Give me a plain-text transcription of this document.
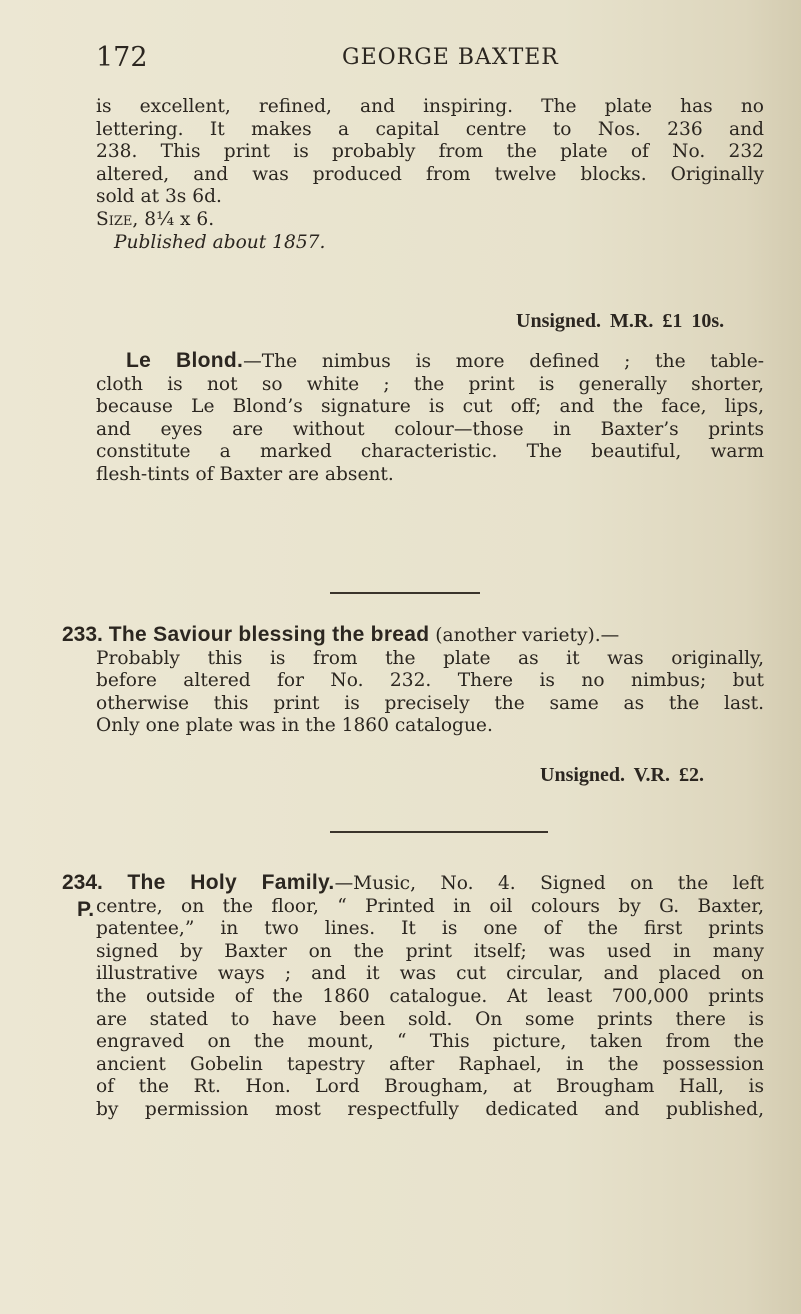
172	GEORGE BAXTER
is excellent, refined, and inspiring. The plate has no
lettering. It makes a capital centre to Nos. 236 and
238. This print is probably from the plate of No. 232
altered, and was produced from twelve blocks. Originally
sold at 3s 6d.
Size, 8¼ x 6.
Published about 1857.
Unsigned. M.R. £1 10s.
Le Blond.—The nimbus is more defined ; the table-
cloth is not so white ; the print is generally shorter,
because Le Blond’s signature is cut off; and the face, lips,
and eyes are without colour—those in Baxter’s prints
constitute a marked characteristic. The beautiful, warm
flesh-tints of Baxter are absent.
233. The Saviour blessing the bread (another variety).—
Probably this is from the plate as it was originally,
before altered for No. 232. There is no nimbus; but
otherwise this print is precisely the same as the last.
Only one plate was in the 1860 catalogue.
Unsigned. V.R. £2.
P.
234. The Holy Family.—Music, No. 4. Signed on the left
centre, on the floor, “ Printed in oil colours by G. Baxter,
patentee,” in two lines. It is one of the first prints
signed by Baxter on the print itself; was used in many
illustrative ways ; and it was cut circular, and placed on
the outside of the 1860 catalogue. At least 700,000 prints
are stated to have been sold. On some prints there is
engraved on the mount, “ This picture, taken from the
ancient Gobelin tapestry after Raphael, in the possession
of the Rt. Hon. Lord Brougham, at Brougham Hall, is
by permission most respectfully dedicated and published,
